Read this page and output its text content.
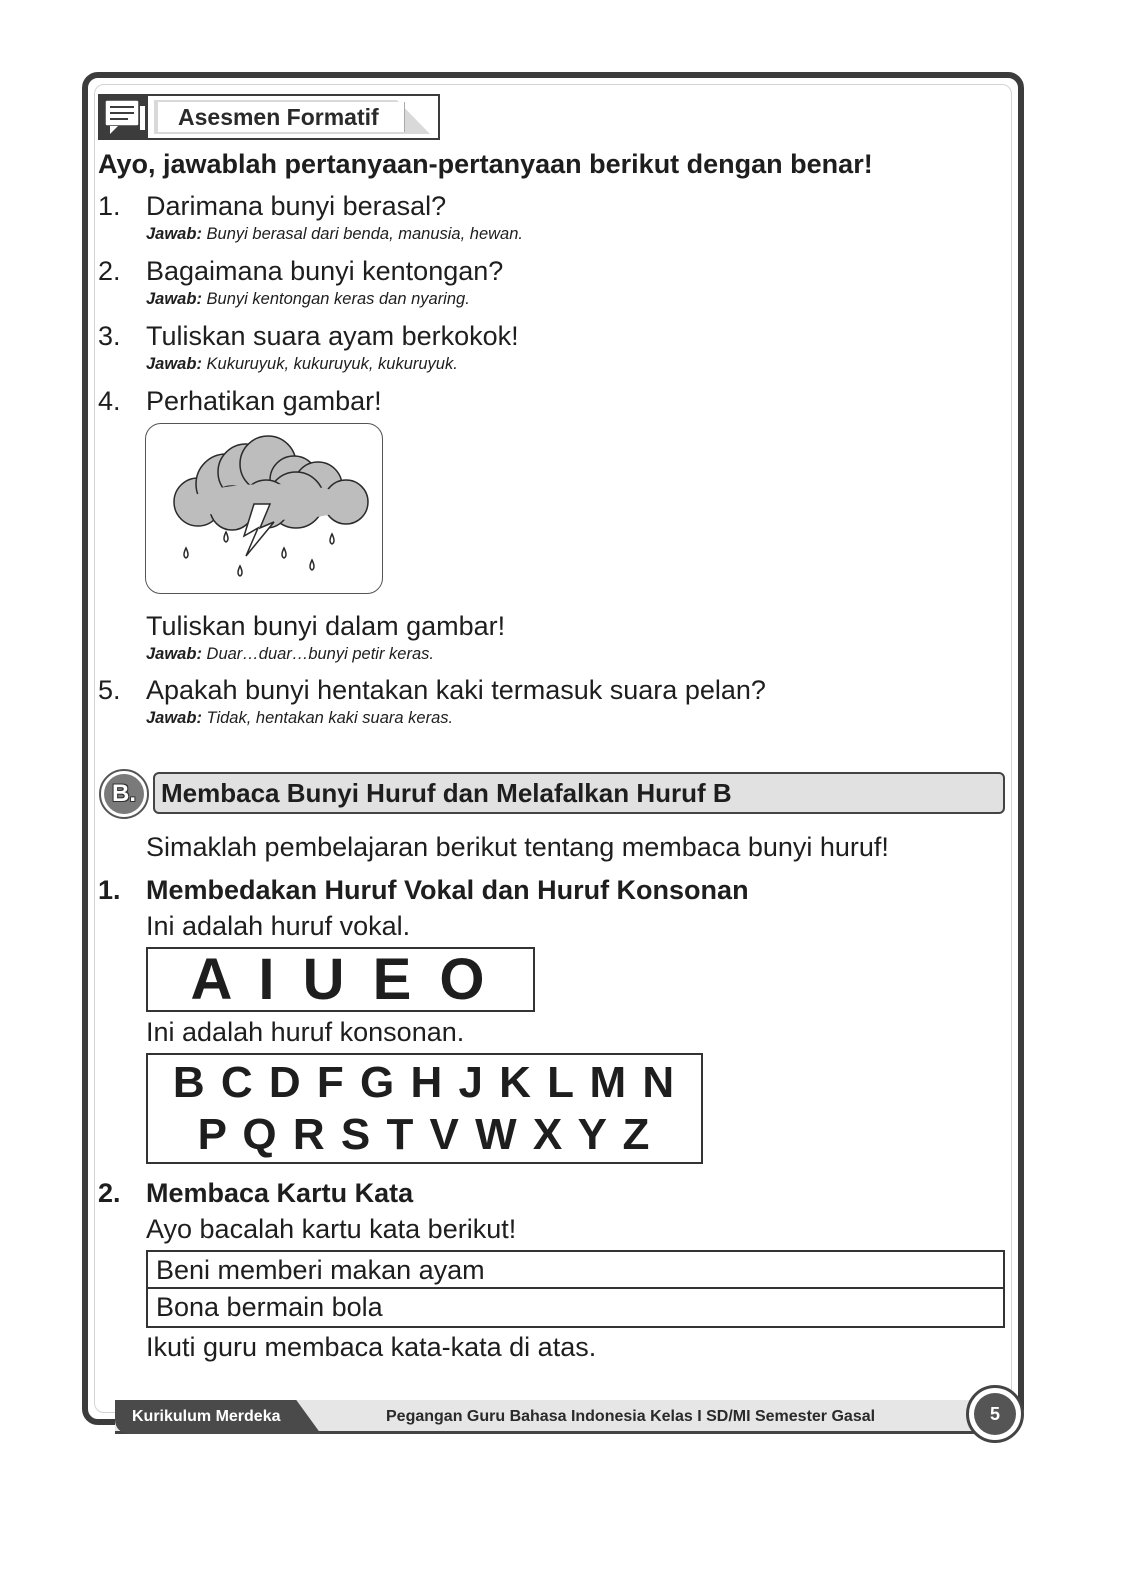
Asesmen Formatif
Ayo, jawablah pertanyaan-pertanyaan berikut dengan benar!
1. Darimana bunyi berasal?
Jawab: Bunyi berasal dari benda, manusia, hewan.
2. Bagaimana bunyi kentongan?
Jawab: Bunyi kentongan keras dan nyaring.
3. Tuliskan suara ayam berkokok!
Jawab: Kukuruyuk, kukuruyuk, kukuruyuk.
4. Perhatikan gambar!
Tuliskan bunyi dalam gambar!
Jawab: Duar…duar…bunyi petir keras.
5. Apakah bunyi hentakan kaki termasuk suara pelan?
Jawab: Tidak, hentakan kaki suara keras.
B. Membaca Bunyi Huruf dan Melafalkan Huruf B
Simaklah pembelajaran berikut tentang membaca bunyi huruf!
1. Membedakan Huruf Vokal dan Huruf Konsonan
Ini adalah huruf vokal.
A I U E O
Ini adalah huruf konsonan.
B C D F G H J K L M N
P Q R S T V W X Y Z
2. Membaca Kartu Kata
Ayo bacalah kartu kata berikut!
Beni memberi makan ayam
Bona bermain bola
Ikuti guru membaca kata-kata di atas.
Kurikulum Merdeka	Pegangan Guru Bahasa Indonesia Kelas I SD/MI Semester Gasal	5
